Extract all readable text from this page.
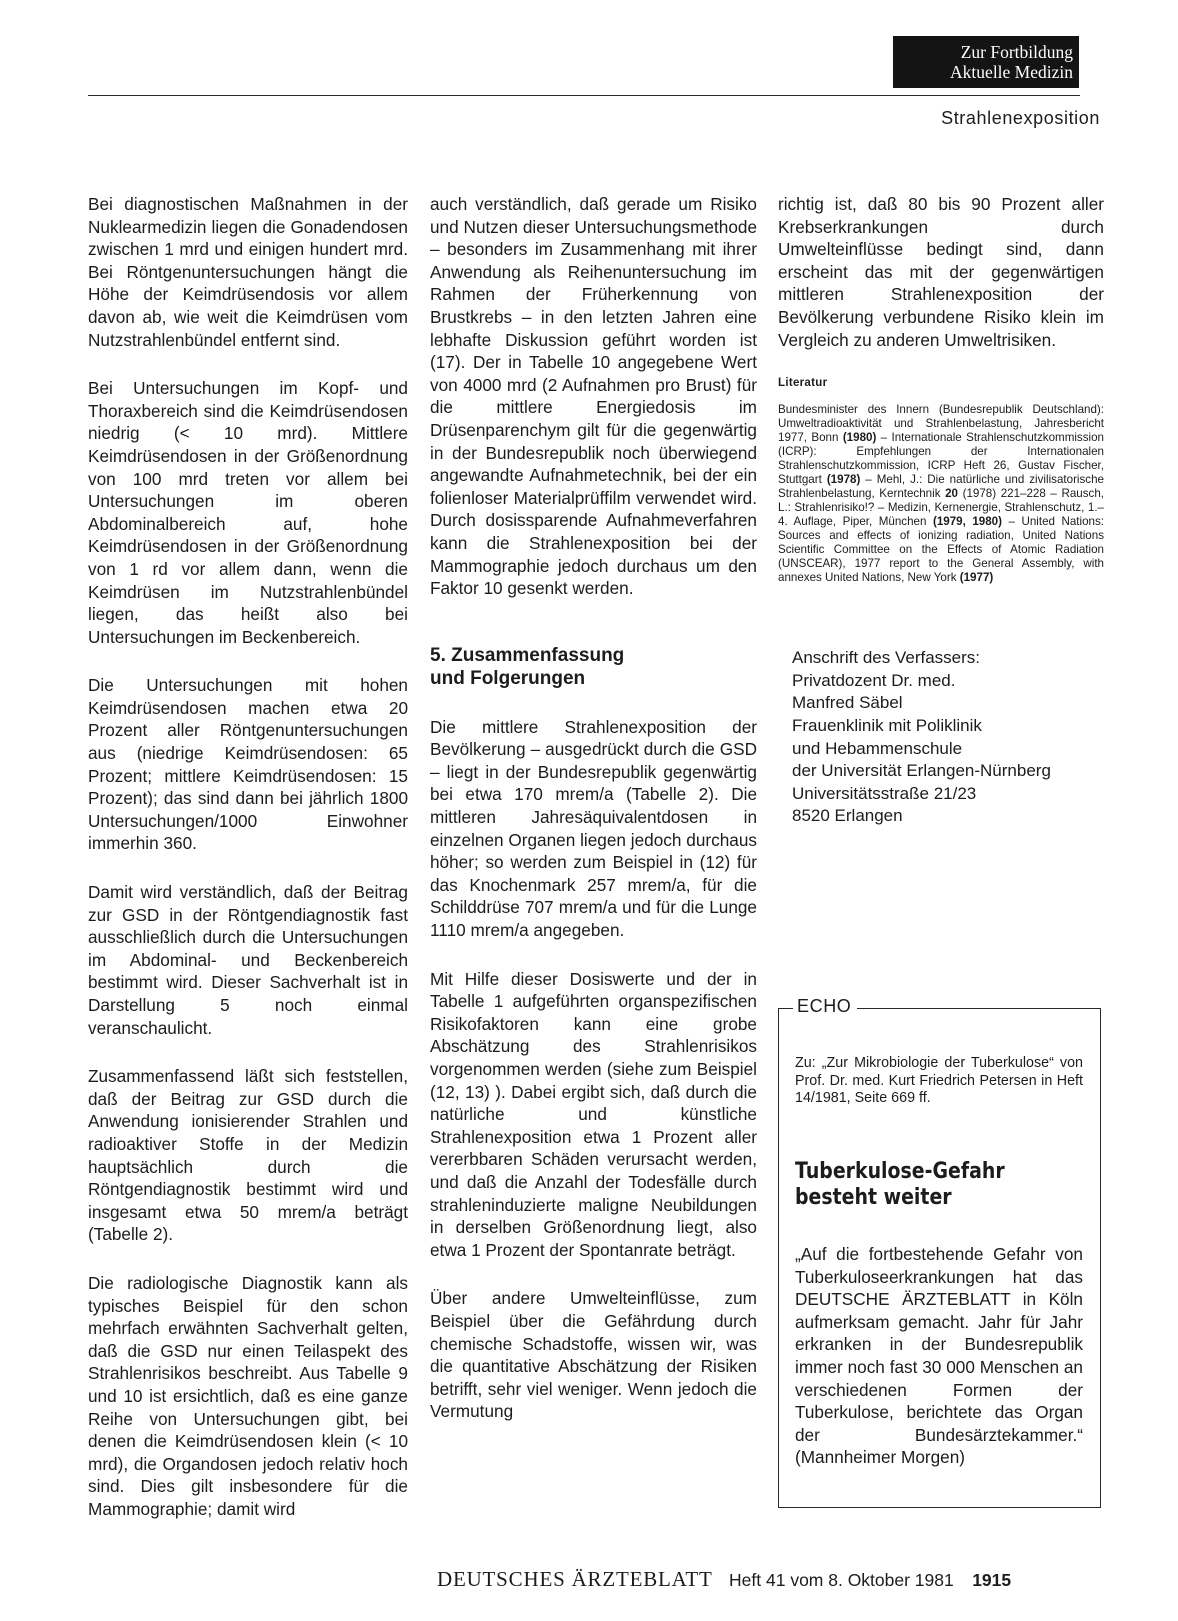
Zur Fortbildung
Aktuelle Medizin
Strahlenexposition

Bei diagnostischen Maßnahmen in der Nuklearmedizin liegen die Gonadendosen zwischen 1 mrd und einigen hundert mrd. Bei Röntgenuntersuchungen hängt die Höhe der Keimdrüsendosis vor allem davon ab, wie weit die Keimdrüsen vom Nutzstrahlenbündel entfernt sind.

Bei Untersuchungen im Kopf- und Thoraxbereich sind die Keimdrüsendosen niedrig (< 10 mrd). Mittlere Keimdrüsendosen in der Größenordnung von 100 mrd treten vor allem bei Untersuchungen im oberen Abdominalbereich auf, hohe Keimdrüsendosen in der Größenordnung von 1 rd vor allem dann, wenn die Keimdrüsen im Nutzstrahlenbündel liegen, das heißt also bei Untersuchungen im Beckenbereich.

Die Untersuchungen mit hohen Keimdrüsendosen machen etwa 20 Prozent aller Röntgenuntersuchungen aus (niedrige Keimdrüsendosen: 65 Prozent; mittlere Keimdrüsendosen: 15 Prozent); das sind dann bei jährlich 1800 Untersuchungen/1000 Einwohner immerhin 360.

Damit wird verständlich, daß der Beitrag zur GSD in der Röntgendiagnostik fast ausschließlich durch die Untersuchungen im Abdominal- und Beckenbereich bestimmt wird. Dieser Sachverhalt ist in Darstellung 5 noch einmal veranschaulicht.

Zusammenfassend läßt sich feststellen, daß der Beitrag zur GSD durch die Anwendung ionisierender Strahlen und radioaktiver Stoffe in der Medizin hauptsächlich durch die Röntgendiagnostik bestimmt wird und insgesamt etwa 50 mrem/a beträgt (Tabelle 2).

Die radiologische Diagnostik kann als typisches Beispiel für den schon mehrfach erwähnten Sachverhalt gelten, daß die GSD nur einen Teilaspekt des Strahlenrisikos beschreibt. Aus Tabelle 9 und 10 ist ersichtlich, daß es eine ganze Reihe von Untersuchungen gibt, bei denen die Keimdrüsendosen klein (< 10 mrd), die Organdosen jedoch relativ hoch sind. Dies gilt insbesondere für die Mammographie; damit wird

auch verständlich, daß gerade um Risiko und Nutzen dieser Untersuchungsmethode – besonders im Zusammenhang mit ihrer Anwendung als Reihenuntersuchung im Rahmen der Früherkennung von Brustkrebs – in den letzten Jahren eine lebhafte Diskussion geführt worden ist (17). Der in Tabelle 10 angegebene Wert von 4000 mrd (2 Aufnahmen pro Brust) für die mittlere Energiedosis im Drüsenparenchym gilt für die gegenwärtig in der Bundesrepublik noch überwiegend angewandte Aufnahmetechnik, bei der ein folienloser Materialprüffilm verwendet wird. Durch dosissparende Aufnahmeverfahren kann die Strahlenexposition bei der Mammographie jedoch durchaus um den Faktor 10 gesenkt werden.

5. Zusammenfassung
und Folgerungen

Die mittlere Strahlenexposition der Bevölkerung – ausgedrückt durch die GSD – liegt in der Bundesrepublik gegenwärtig bei etwa 170 mrem/a (Tabelle 2). Die mittleren Jahresäquivalentdosen in einzelnen Organen liegen jedoch durchaus höher; so werden zum Beispiel in (12) für das Knochenmark 257 mrem/a, für die Schilddrüse 707 mrem/a und für die Lunge 1110 mrem/a angegeben.

Mit Hilfe dieser Dosiswerte und der in Tabelle 1 aufgeführten organspezifischen Risikofaktoren kann eine grobe Abschätzung des Strahlenrisikos vorgenommen werden (siehe zum Beispiel (12, 13) ). Dabei ergibt sich, daß durch die natürliche und künstliche Strahlenexposition etwa 1 Prozent aller vererbbaren Schäden verursacht werden, und daß die Anzahl der Todesfälle durch strahleninduzierte maligne Neubildungen in derselben Größenordnung liegt, also etwa 1 Prozent der Spontanrate beträgt.

Über andere Umwelteinflüsse, zum Beispiel über die Gefährdung durch chemische Schadstoffe, wissen wir, was die quantitative Abschätzung der Risiken betrifft, sehr viel weniger. Wenn jedoch die Vermutung

richtig ist, daß 80 bis 90 Prozent aller Krebserkrankungen durch Umwelteinflüsse bedingt sind, dann erscheint das mit der gegenwärtigen mittleren Strahlenexposition der Bevölkerung verbundene Risiko klein im Vergleich zu anderen Umweltrisiken.

Literatur

Bundesminister des Innern (Bundesrepublik Deutschland): Umweltradioaktivität und Strahlenbelastung, Jahresbericht 1977, Bonn (1980) – Internationale Strahlenschutzkommission (ICRP): Empfehlungen der Internationalen Strahlenschutzkommission, ICRP Heft 26, Gustav Fischer, Stuttgart (1978) – Mehl, J.: Die natürliche und zivilisatorische Strahlenbelastung, Kerntechnik 20 (1978) 221–228 – Rausch, L.: Strahlenrisiko!? – Medizin, Kernenergie, Strahlenschutz, 1.–4. Auflage, Piper, München (1979, 1980) – United Nations: Sources and effects of ionizing radiation, United Nations Scientific Committee on the Effects of Atomic Radiation (UNSCEAR), 1977 report to the General Assembly, with annexes United Nations, New York (1977)

Anschrift des Verfassers:
Privatdozent Dr. med.
Manfred Säbel
Frauenklinik mit Poliklinik
und Hebammenschule
der Universität Erlangen-Nürnberg
Universitätsstraße 21/23
8520 Erlangen
ECHO
Zu: „Zur Mikrobiologie der Tuberkulose“ von Prof. Dr. med. Kurt Friedrich Petersen in Heft 14/1981, Seite 669 ff.
Tuberkulose-Gefahr
besteht weiter
„Auf die fortbestehende Gefahr von Tuberkuloseerkrankungen hat das DEUTSCHE ÄRZTEBLATT in Köln aufmerksam gemacht. Jahr für Jahr erkranken in der Bundesrepublik immer noch fast 30 000 Menschen an verschiedenen Formen der Tuberkulose, berichtete das Organ der Bundesärztekammer.“ (Mannheimer Morgen)
DEUTSCHES ÄRZTEBLATT Heft 41 vom 8. Oktober 1981 1915
